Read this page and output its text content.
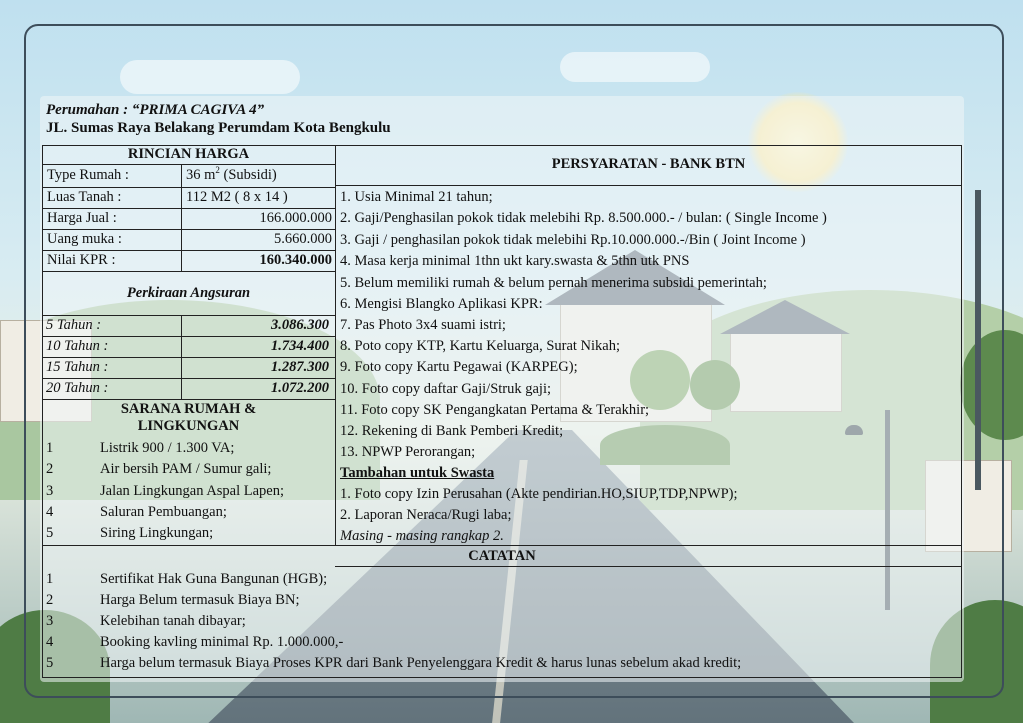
Perumahan : “PRIMA CAGIVA 4”
JL. Sumas Raya Belakang Perumdam Kota Bengkulu
RINCIAN HARGA
Type Rumah :	36 $m^2$ (Subsidi)
Luas Tanah :	112 M2 ( 8 x 14 )
Harga Jual :	166.000.000
Uang muka :	5.660.000
Nilai KPR :	160.340.000
Perkiraan Angsuran
5 Tahun :	3.086.300
10 Tahun :	1.734.400
15 Tahun :	1.287.300
20 Tahun :	1.072.200
SARANA RUMAH &
LINGKUNGAN
1	Listrik 900 / 1.300 VA;
2	Air bersih PAM / Sumur gali;
3	Jalan Lingkungan Aspal Lapen;
4	Saluran Pembuangan;
5	Siring Lingkungan;
PERSYARATAN - BANK BTN
1. Usia Minimal 21 tahun;
2. Gaji/Penghasilan pokok tidak melebihi Rp. 8.500.000.- / bulan: ( Single Income )
3. Gaji / penghasilan pokok tidak melebihi Rp.10.000.000.-/Bin ( Joint Income )
4. Masa kerja minimal 1thn ukt kary.swasta & 5thn utk PNS
5. Belum memiliki rumah & belum pernah menerima subsidi pemerintah;
6. Mengisi Blangko Aplikasi KPR:
7. Pas Photo 3x4 suami istri;
8. Poto copy KTP, Kartu Keluarga, Surat Nikah;
9. Foto copy Kartu Pegawai (KARPEG);
10. Foto copy daftar Gaji/Struk gaji;
11. Foto copy SK Pengangkatan Pertama & Terakhir;
12. Rekening di Bank Pemberi Kredit;
13. NPWP Perorangan;
Tambahan untuk Swasta
1. Foto copy Izin Perusahan (Akte pendirian.HO,SIUP,TDP,NPWP);
2. Laporan Neraca/Rugi laba;
Masing - masing rangkap 2.
CATATAN
1	Sertifikat Hak Guna Bangunan (HGB);
2	Harga Belum termasuk Biaya BN;
3	Kelebihan tanah dibayar;
4	Booking kavling minimal Rp. 1.000.000,-
5	Harga belum termasuk Biaya Proses KPR dari Bank Penyelenggara Kredit & harus lunas sebelum akad kredit;
